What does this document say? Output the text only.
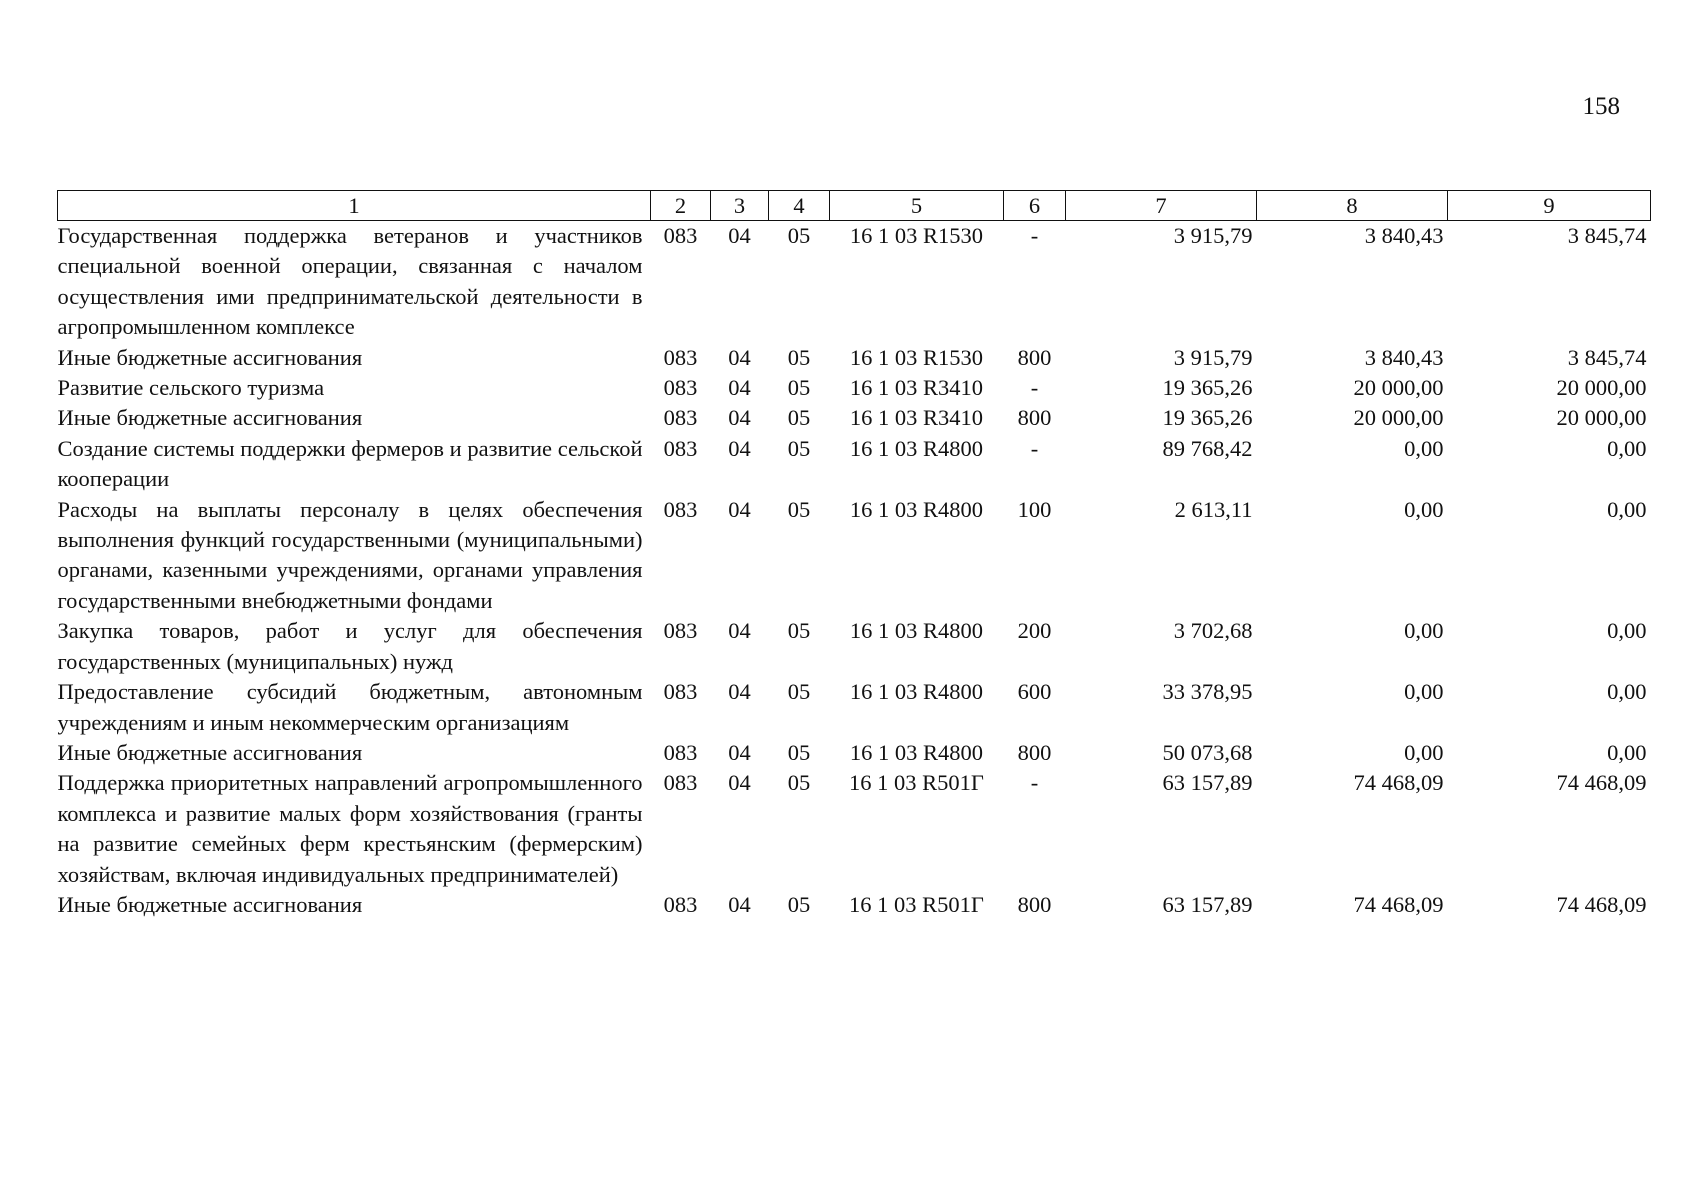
158
1	2	3	4	5	6	7	8	9

Государственная поддержка ветеранов и участников специальной военной операции, связанная с началом осуществления ими предпринимательской деятельности в агропромышленном комплексе	083	04	05	16 1 03 R1530	-	3 915,79	3 840,43	3 845,74

Иные бюджетные ассигнования	083	04	05	16 1 03 R1530	800	3 915,79	3 840,43	3 845,74

Развитие сельского туризма	083	04	05	16 1 03 R3410	-	19 365,26	20 000,00	20 000,00

Иные бюджетные ассигнования	083	04	05	16 1 03 R3410	800	19 365,26	20 000,00	20 000,00

Создание системы поддержки фермеров и развитие сельской кооперации	083	04	05	16 1 03 R4800	-	89 768,42	0,00	0,00

Расходы на выплаты персоналу в целях обеспечения выполнения функций государственными (муниципальными) органами, казенными учреждениями, органами управления государственными внебюджетными фондами	083	04	05	16 1 03 R4800	100	2 613,11	0,00	0,00

Закупка товаров, работ и услуг для обеспечения государственных (муниципальных) нужд	083	04	05	16 1 03 R4800	200	3 702,68	0,00	0,00

Предоставление субсидий бюджетным, автономным учреждениям и иным некоммерческим организациям	083	04	05	16 1 03 R4800	600	33 378,95	0,00	0,00

Иные бюджетные ассигнования	083	04	05	16 1 03 R4800	800	50 073,68	0,00	0,00

Поддержка приоритетных направлений агропромышленного комплекса и развитие малых форм хозяйствования (гранты на развитие семейных ферм крестьянским (фермерским) хозяйствам, включая индивидуальных предпринимателей)	083	04	05	16 1 03 R501Г	-	63 157,89	74 468,09	74 468,09

Иные бюджетные ассигнования	083	04	05	16 1 03 R501Г	800	63 157,89	74 468,09	74 468,09
